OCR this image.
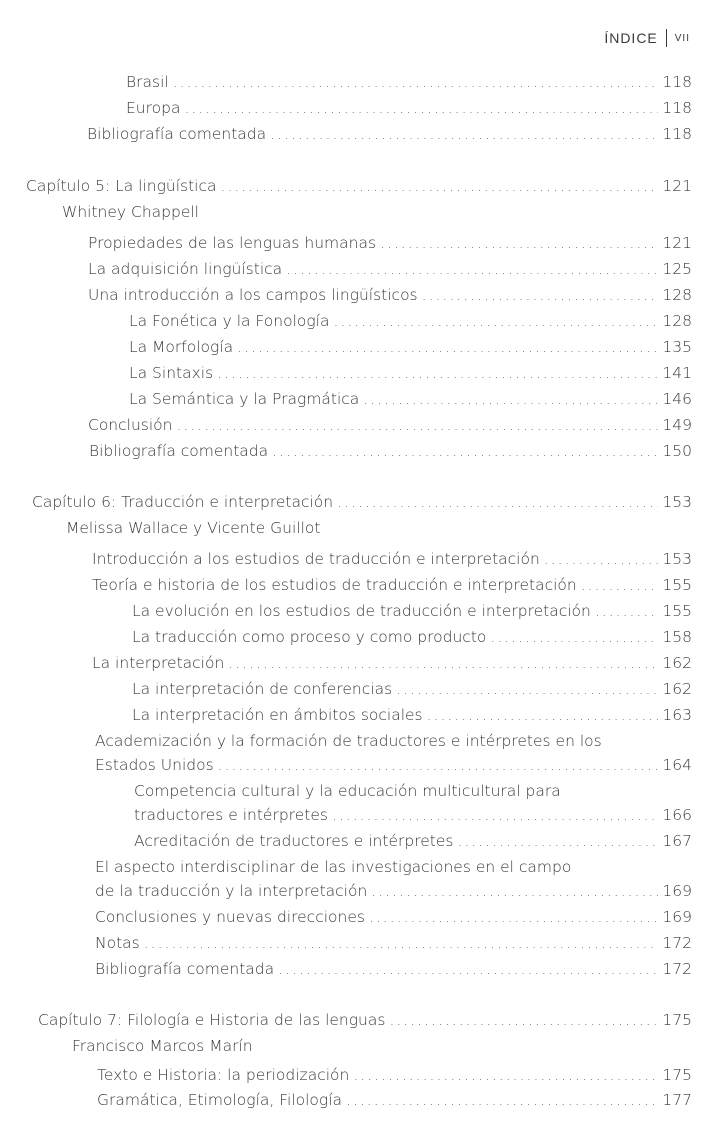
ÍNDICE VII
Brasil .....	118
Europa .....	118
Bibliografía comentada .....	118
Capítulo 5: La lingüística .....	121
Whitney Chappell
Propiedades de las lenguas humanas .....	121
La adquisición lingüística .....	125
Una introducción a los campos lingüísticos .....	128
La Fonética y la Fonología .....	128
La Morfología .....	135
La Sintaxis .....	141
La Semántica y la Pragmática .....	146
Conclusión .....	149
Bibliografía comentada .....	150
Capítulo 6: Traducción e interpretación .....	153
Melissa Wallace y Vicente Guillot
Introducción a los estudios de traducción e interpretación .....	153
Teoría e historia de los estudios de traducción e interpretación .....	155
La evolución en los estudios de traducción e interpretación .....	155
La traducción como proceso y como producto .....	158
La interpretación .....	162
La interpretación de conferencias .....	162
La interpretación en ámbitos sociales .....	163
Academización y la formación de traductores e intérpretes en los
Estados Unidos .....	164
Competencia cultural y la educación multicultural para
traductores e intérpretes .....	166
Acreditación de traductores e intérpretes .....	167
El aspecto interdisciplinar de las investigaciones en el campo
de la traducción y la interpretación .....	169
Conclusiones y nuevas direcciones .....	169
Notas .....	172
Bibliografía comentada .....	172
Capítulo 7: Filología e Historia de las lenguas .....	175
Francisco Marcos Marín
Texto e Historia: la periodización .....	175
Gramática, Etimología, Filología .....	177
